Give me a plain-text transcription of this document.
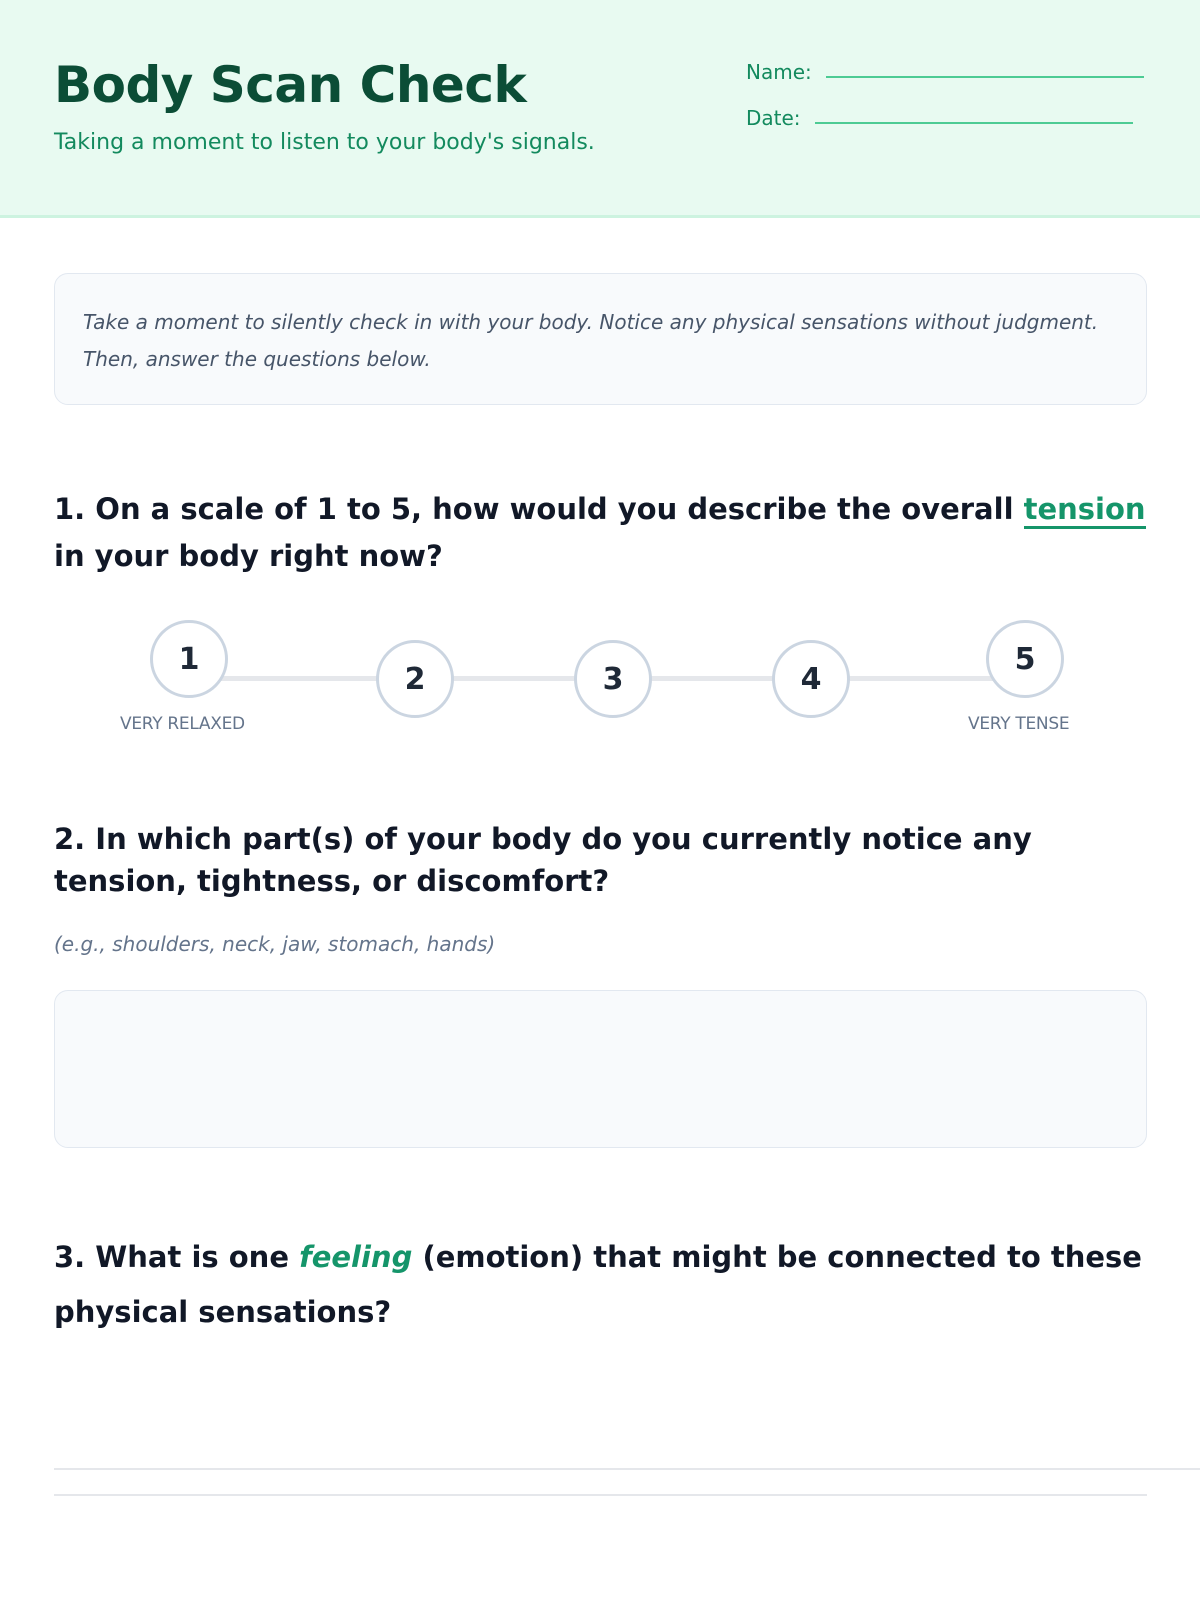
Body Scan Check
Taking a moment to listen to your body's signals.
Name:
Date:

Take a moment to silently check in with your body. Notice any physical sensations without judgment. Then, answer the questions below.

1. On a scale of 1 to 5, how would you describe the overall tension in your body right now?
1
2	3	4
5
VERY RELAXED	VERY TENSE
2. In which part(s) of your body do you currently notice any tension, tightness, or discomfort?
(e.g., shoulders, neck, jaw, stomach, hands)
3. What is one feeling (emotion) that might be connected to these physical sensations?
